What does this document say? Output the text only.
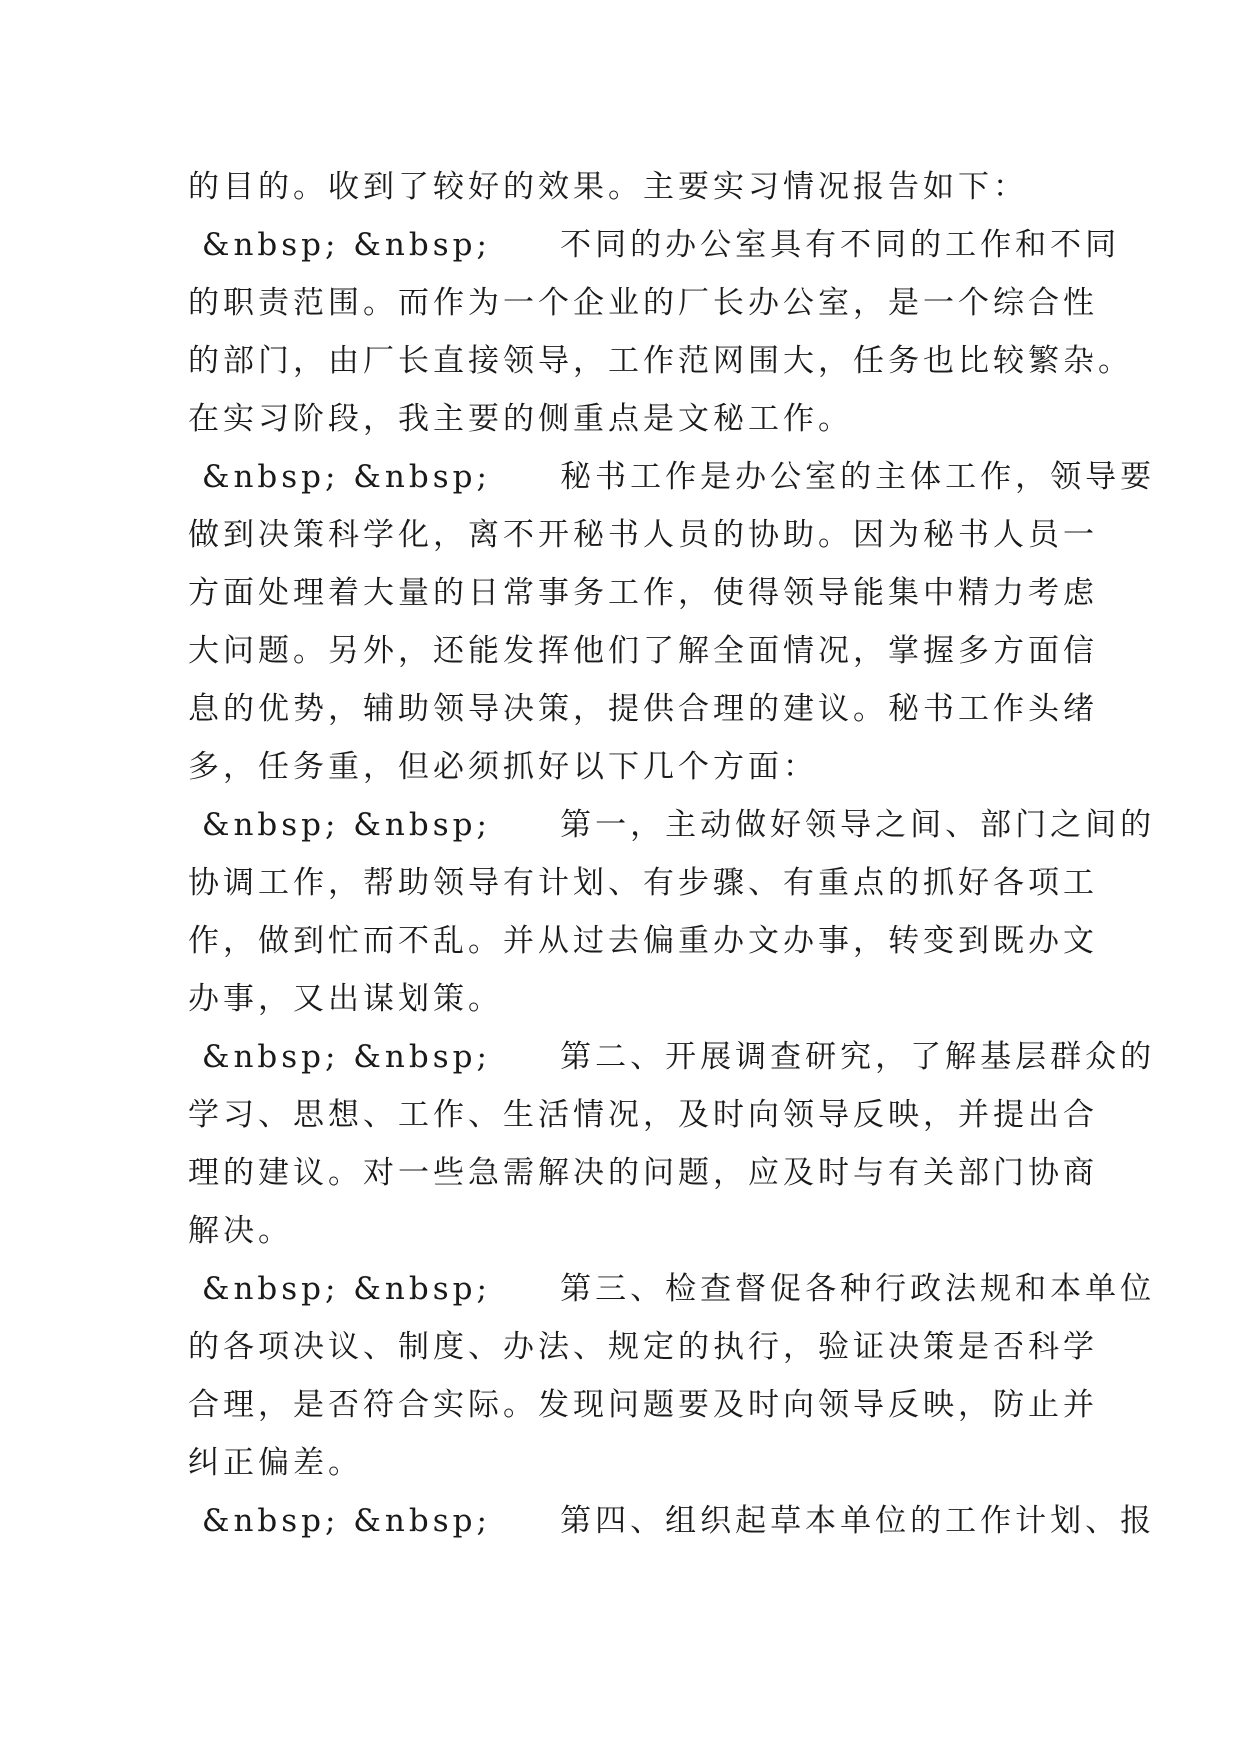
的目的。收到了较好的效果。主要实习情况报告如下：
&nbsp; &nbsp;     不同的办公室具有不同的工作和不同
的职责范围。而作为一个企业的厂长办公室，是一个综合性
的部门，由厂长直接领导，工作范网围大，任务也比较繁杂。
在实习阶段，我主要的侧重点是文秘工作。
&nbsp; &nbsp;     秘书工作是办公室的主体工作，领导要
做到决策科学化，离不开秘书人员的协助。因为秘书人员一
方面处理着大量的日常事务工作，使得领导能集中精力考虑
大问题。另外，还能发挥他们了解全面情况，掌握多方面信
息的优势，辅助领导决策，提供合理的建议。秘书工作头绪
多，任务重，但必须抓好以下几个方面：
&nbsp; &nbsp;     第一，主动做好领导之间、部门之间的
协调工作，帮助领导有计划、有步骤、有重点的抓好各项工
作，做到忙而不乱。并从过去偏重办文办事，转变到既办文
办事，又出谋划策。
&nbsp; &nbsp;     第二、开展调查研究，了解基层群众的
学习、思想、工作、生活情况，及时向领导反映，并提出合
理的建议。对一些急需解决的问题，应及时与有关部门协商
解决。
&nbsp; &nbsp;     第三、检查督促各种行政法规和本单位
的各项决议、制度、办法、规定的执行，验证决策是否科学
合理，是否符合实际。发现问题要及时向领导反映，防止并
纠正偏差。
&nbsp; &nbsp;     第四、组织起草本单位的工作计划、报
